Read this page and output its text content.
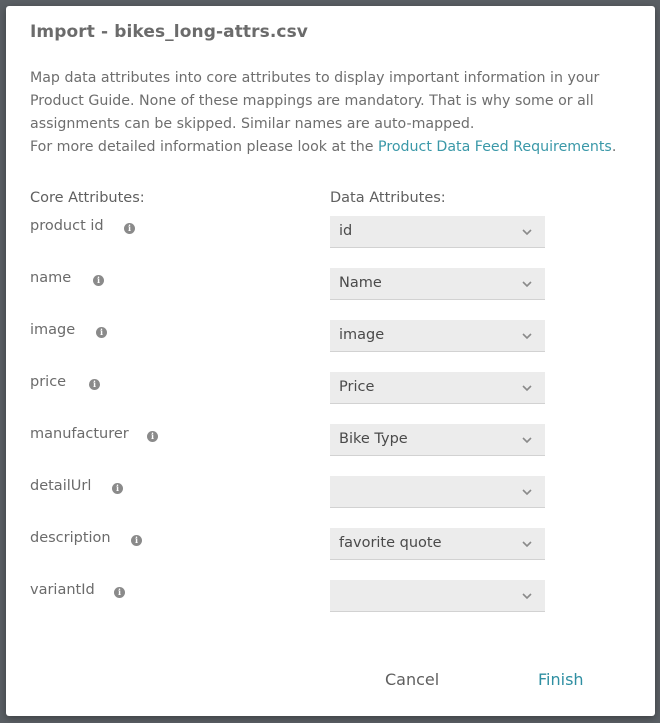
Import - bikes_long-attrs.csv

Map data attributes into core attributes to display important information in your Product Guide. None of these mappings are mandatory. That is why some or all assignments can be skipped. Similar names are auto-mapped.

For more detailed information please look at the Product Data Feed Requirements.

Core Attributes:	Data Attributes:
product id	i	id
name	i	Name
image	i	image
price	i	Price
manufacturer	i	Bike Type
detailUrl	i
description	i	favorite quote
variantId	i
Cancel	Finish
